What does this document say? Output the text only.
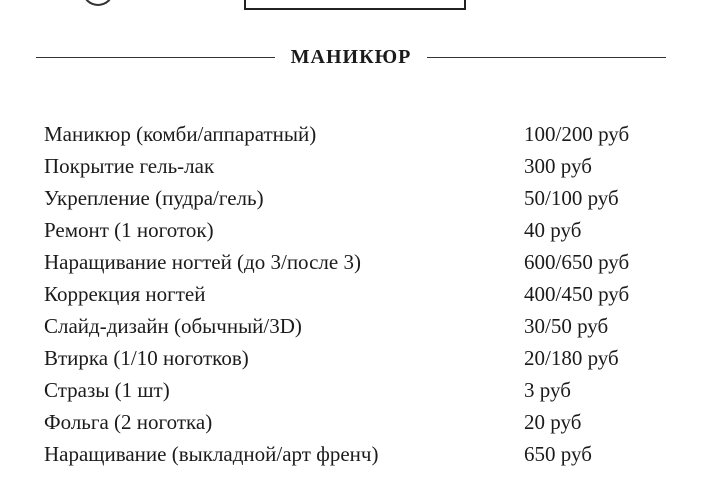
МАНИКЮР
Маникюр (комби/аппаратный)	100/200 руб
Покрытие гель-лак	300 руб
Укрепление (пудра/гель)	50/100 руб
Ремонт (1 ноготок)	40 руб
Наращивание ногтей (до 3/после 3)	600/650 руб
Коррекция ногтей	400/450 руб
Слайд-дизайн (обычный/3D)	30/50 руб
Втирка (1/10 ноготков)	20/180 руб
Стразы (1 шт)	3 руб
Фольга (2 ноготка)	20 руб
Наращивание (выкладной/арт френч)	650 руб
